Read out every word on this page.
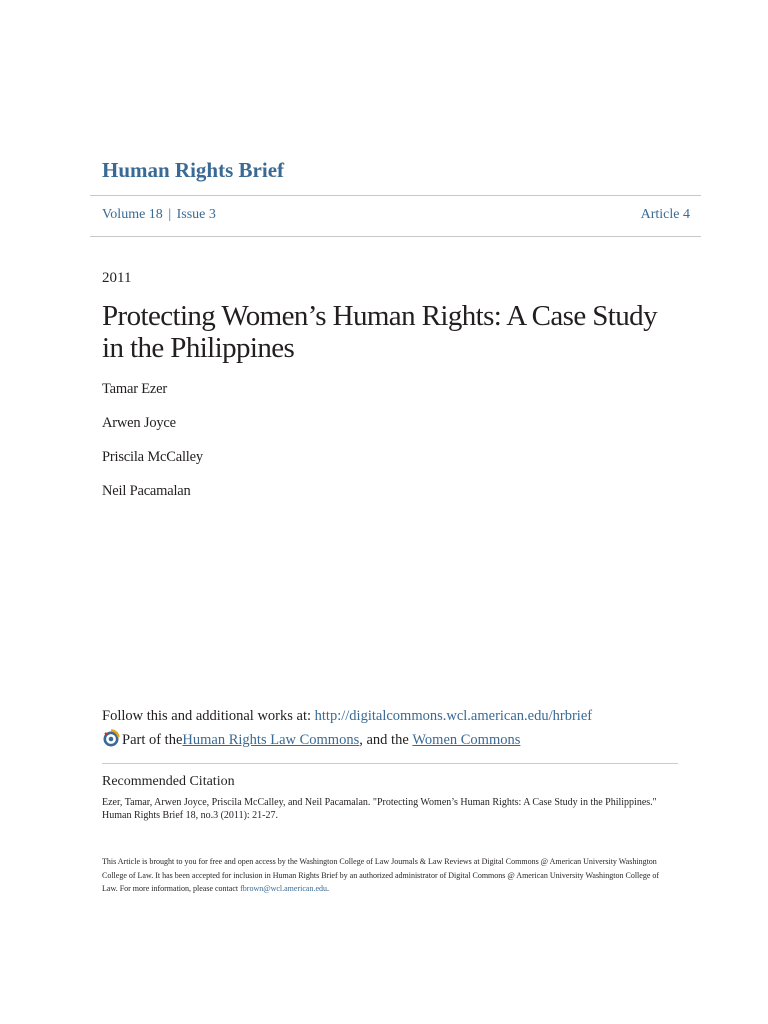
Human Rights Brief
Volume 18 | Issue 3	Article 4
2011
Protecting Women’s Human Rights: A Case Study in the Philippines
Tamar Ezer
Arwen Joyce
Priscila McCalley
Neil Pacamalan
Follow this and additional works at: http://digitalcommons.wcl.american.edu/hrbrief
Part of the Human Rights Law Commons , and the Women Commons
Recommended Citation
Ezer, Tamar, Arwen Joyce, Priscila McCalley, and Neil Pacamalan. "Protecting Women’s Human Rights: A Case Study in the Philippines." Human Rights Brief 18, no.3 (2011): 21-27.
This Article is brought to you for free and open access by the Washington College of Law Journals & Law Reviews at Digital Commons @ American University Washington College of Law. It has been accepted for inclusion in Human Rights Brief by an authorized administrator of Digital Commons @ American University Washington College of Law. For more information, please contact fbrown@wcl.american.edu.
